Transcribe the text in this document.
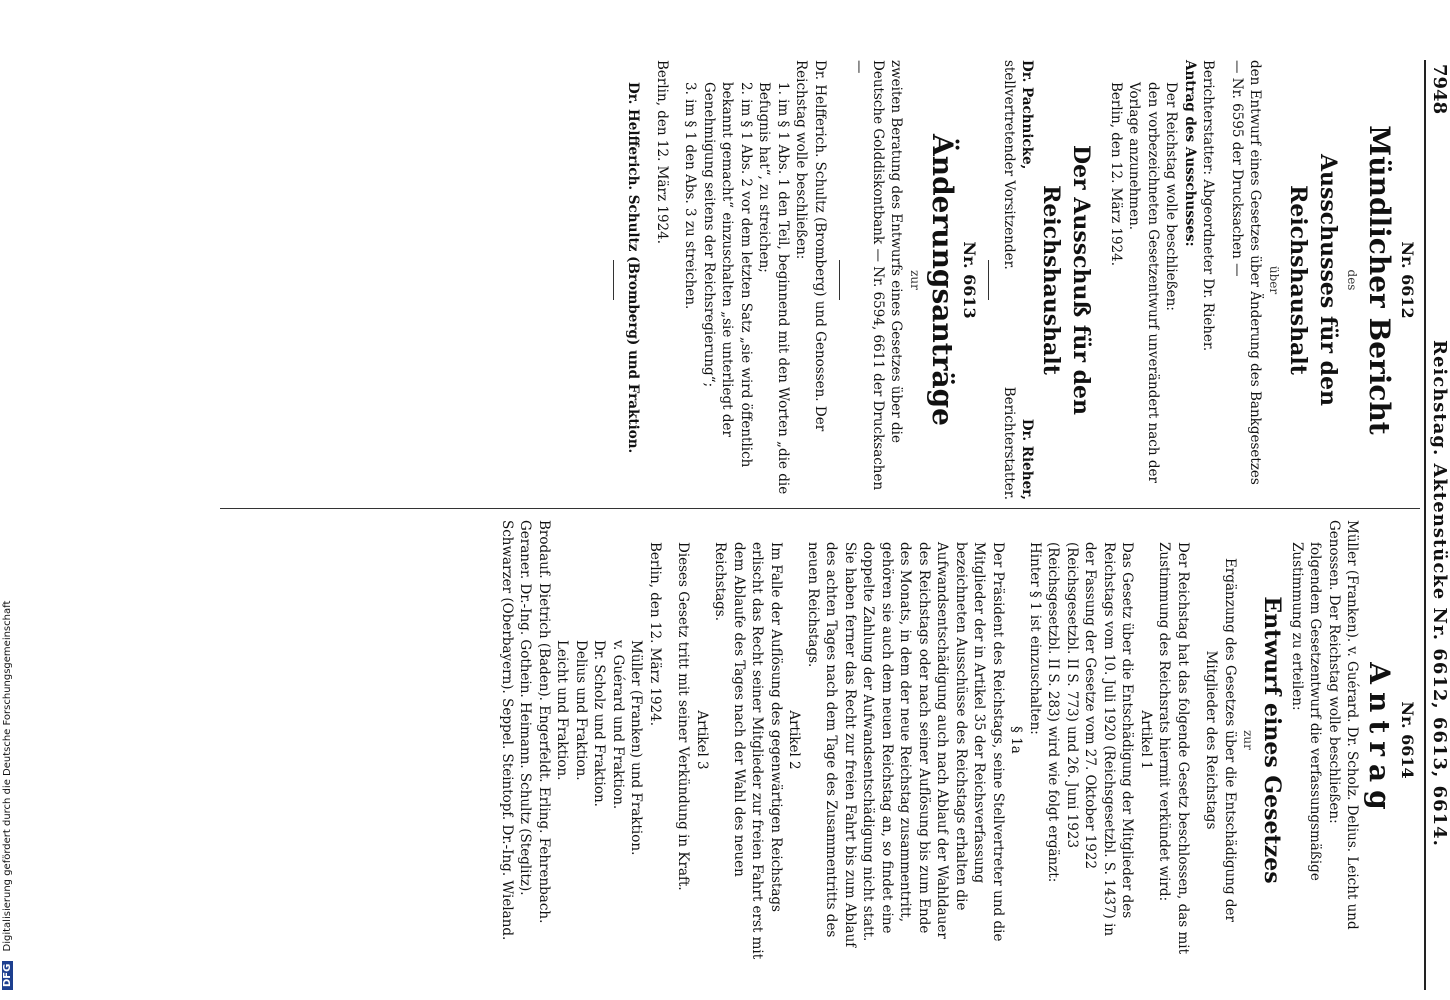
7948
Reichstag. Aktenstücke Nr. 6612, 6613, 6614.

Nr. 6612

Mündlicher Bericht

des

Ausschusses für den Reichshaushalt

über

den Entwurf eines Gesetzes über Änderung des Bankgesetzes — Nr. 6595 der Drucksachen —

Berichterstatter: Abgeordneter Dr. Rieher.

Antrag des Ausschusses:

Der Reichstag wolle beschließen:

den vorbezeichneten Gesetzentwurf unverändert nach der Vorlage anzunehmen.

Berlin, den 12. März 1924.

Der Ausschuß für den Reichshaushalt

Dr. Pachnicke,

stellvertretender Vorsitzender.

Dr. Rieher,

Berichterstatter.

Nr. 6613

Änderungsanträge

zur

zweiten Beratung des Entwurfs eines Gesetzes über die Deutsche Golddiskontbank — Nr. 6594, 6611 der Drucksachen —

Dr. Helfferich. Schultz (Bromberg) und Genossen. Der Reichstag wolle beschließen:

1. im § 1 Abs. 1 den Teil, beginnend mit den Worten „die die Befugnis hat“, zu streichen;

2. im § 1 Abs. 2 vor dem letzten Satz „sie wird öffentlich bekannt gemacht“ einzuschalten „sie unterliegt der Genehmigung seitens der Reichsregierung“;

3. im § 1 den Abs. 3 zu streichen.

Berlin, den 12. März 1924.

Dr. Helfferich. Schultz (Bromberg) und Fraktion.

Nr. 6614

Antrag

Müller (Franken). v. Guérard. Dr. Scholz. Delius. Leicht und Genossen. Der Reichstag wolle beschließen:

folgendem Gesetzentwurf die verfassungsmäßige Zustimmung zu erteilen:

Entwurf eines Gesetzes

zur

Ergänzung des Gesetzes über die Entschädigung der Mitglieder des Reichstags

Der Reichstag hat das folgende Gesetz beschlossen, das mit Zustimmung des Reichsrats hiermit verkündet wird:

Artikel 1

Das Gesetz über die Entschädigung der Mitglieder des Reichstags vom 10. Juli 1920 (Reichsgesetzbl. S. 1437) in der Fassung der Gesetze vom 27. Oktober 1922 (Reichsgesetzbl. II S. 773) und 26. Juni 1923 (Reichsgesetzbl. II S. 283) wird wie folgt ergänzt:

Hinter § 1 ist einzuschalten:

§ 1a

Der Präsident des Reichstags, seine Stellvertreter und die Mitglieder der in Artikel 35 der Reichsverfassung bezeichneten Ausschüsse des Reichstags erhalten die Aufwandsentschädigung auch nach Ablauf der Wahldauer des Reichstags oder nach seiner Auflösung bis zum Ende des Monats, in dem der neue Reichstag zusammentritt, gehören sie auch dem neuen Reichstag an, so findet eine doppelte Zahlung der Aufwandsentschädigung nicht statt. Sie haben ferner das Recht zur freien Fahrt bis zum Ablauf des achten Tages nach dem Tage des Zusammentritts des neuen Reichstags.

Artikel 2

Im Falle der Auflösung des gegenwärtigen Reichstags erlischt das Recht seiner Mitglieder zur freien Fahrt erst mit dem Ablaufe des Tages nach der Wahl des neuen Reichstags.

Artikel 3

Dieses Gesetz tritt mit seiner Verkündung in Kraft.

Berlin, den 12. März 1924.

Müller (Franken) und Fraktion.

v. Guérard und Fraktion.

Dr. Scholz und Fraktion.

Delius und Fraktion.

Leicht und Fraktion.

Brodauf. Dietrich (Baden). Engerfeldt. Erling. Fehrenbach. Geraner. Dr.-Ing. Gothein. Heimann. Schultz (Steglitz). Schwarzer (Oberbayern). Seppel. Steintopf. Dr.-Ing. Wieland.

DFG Digitalisierung gefördert durch die Deutsche Forschungsgemeinschaft
